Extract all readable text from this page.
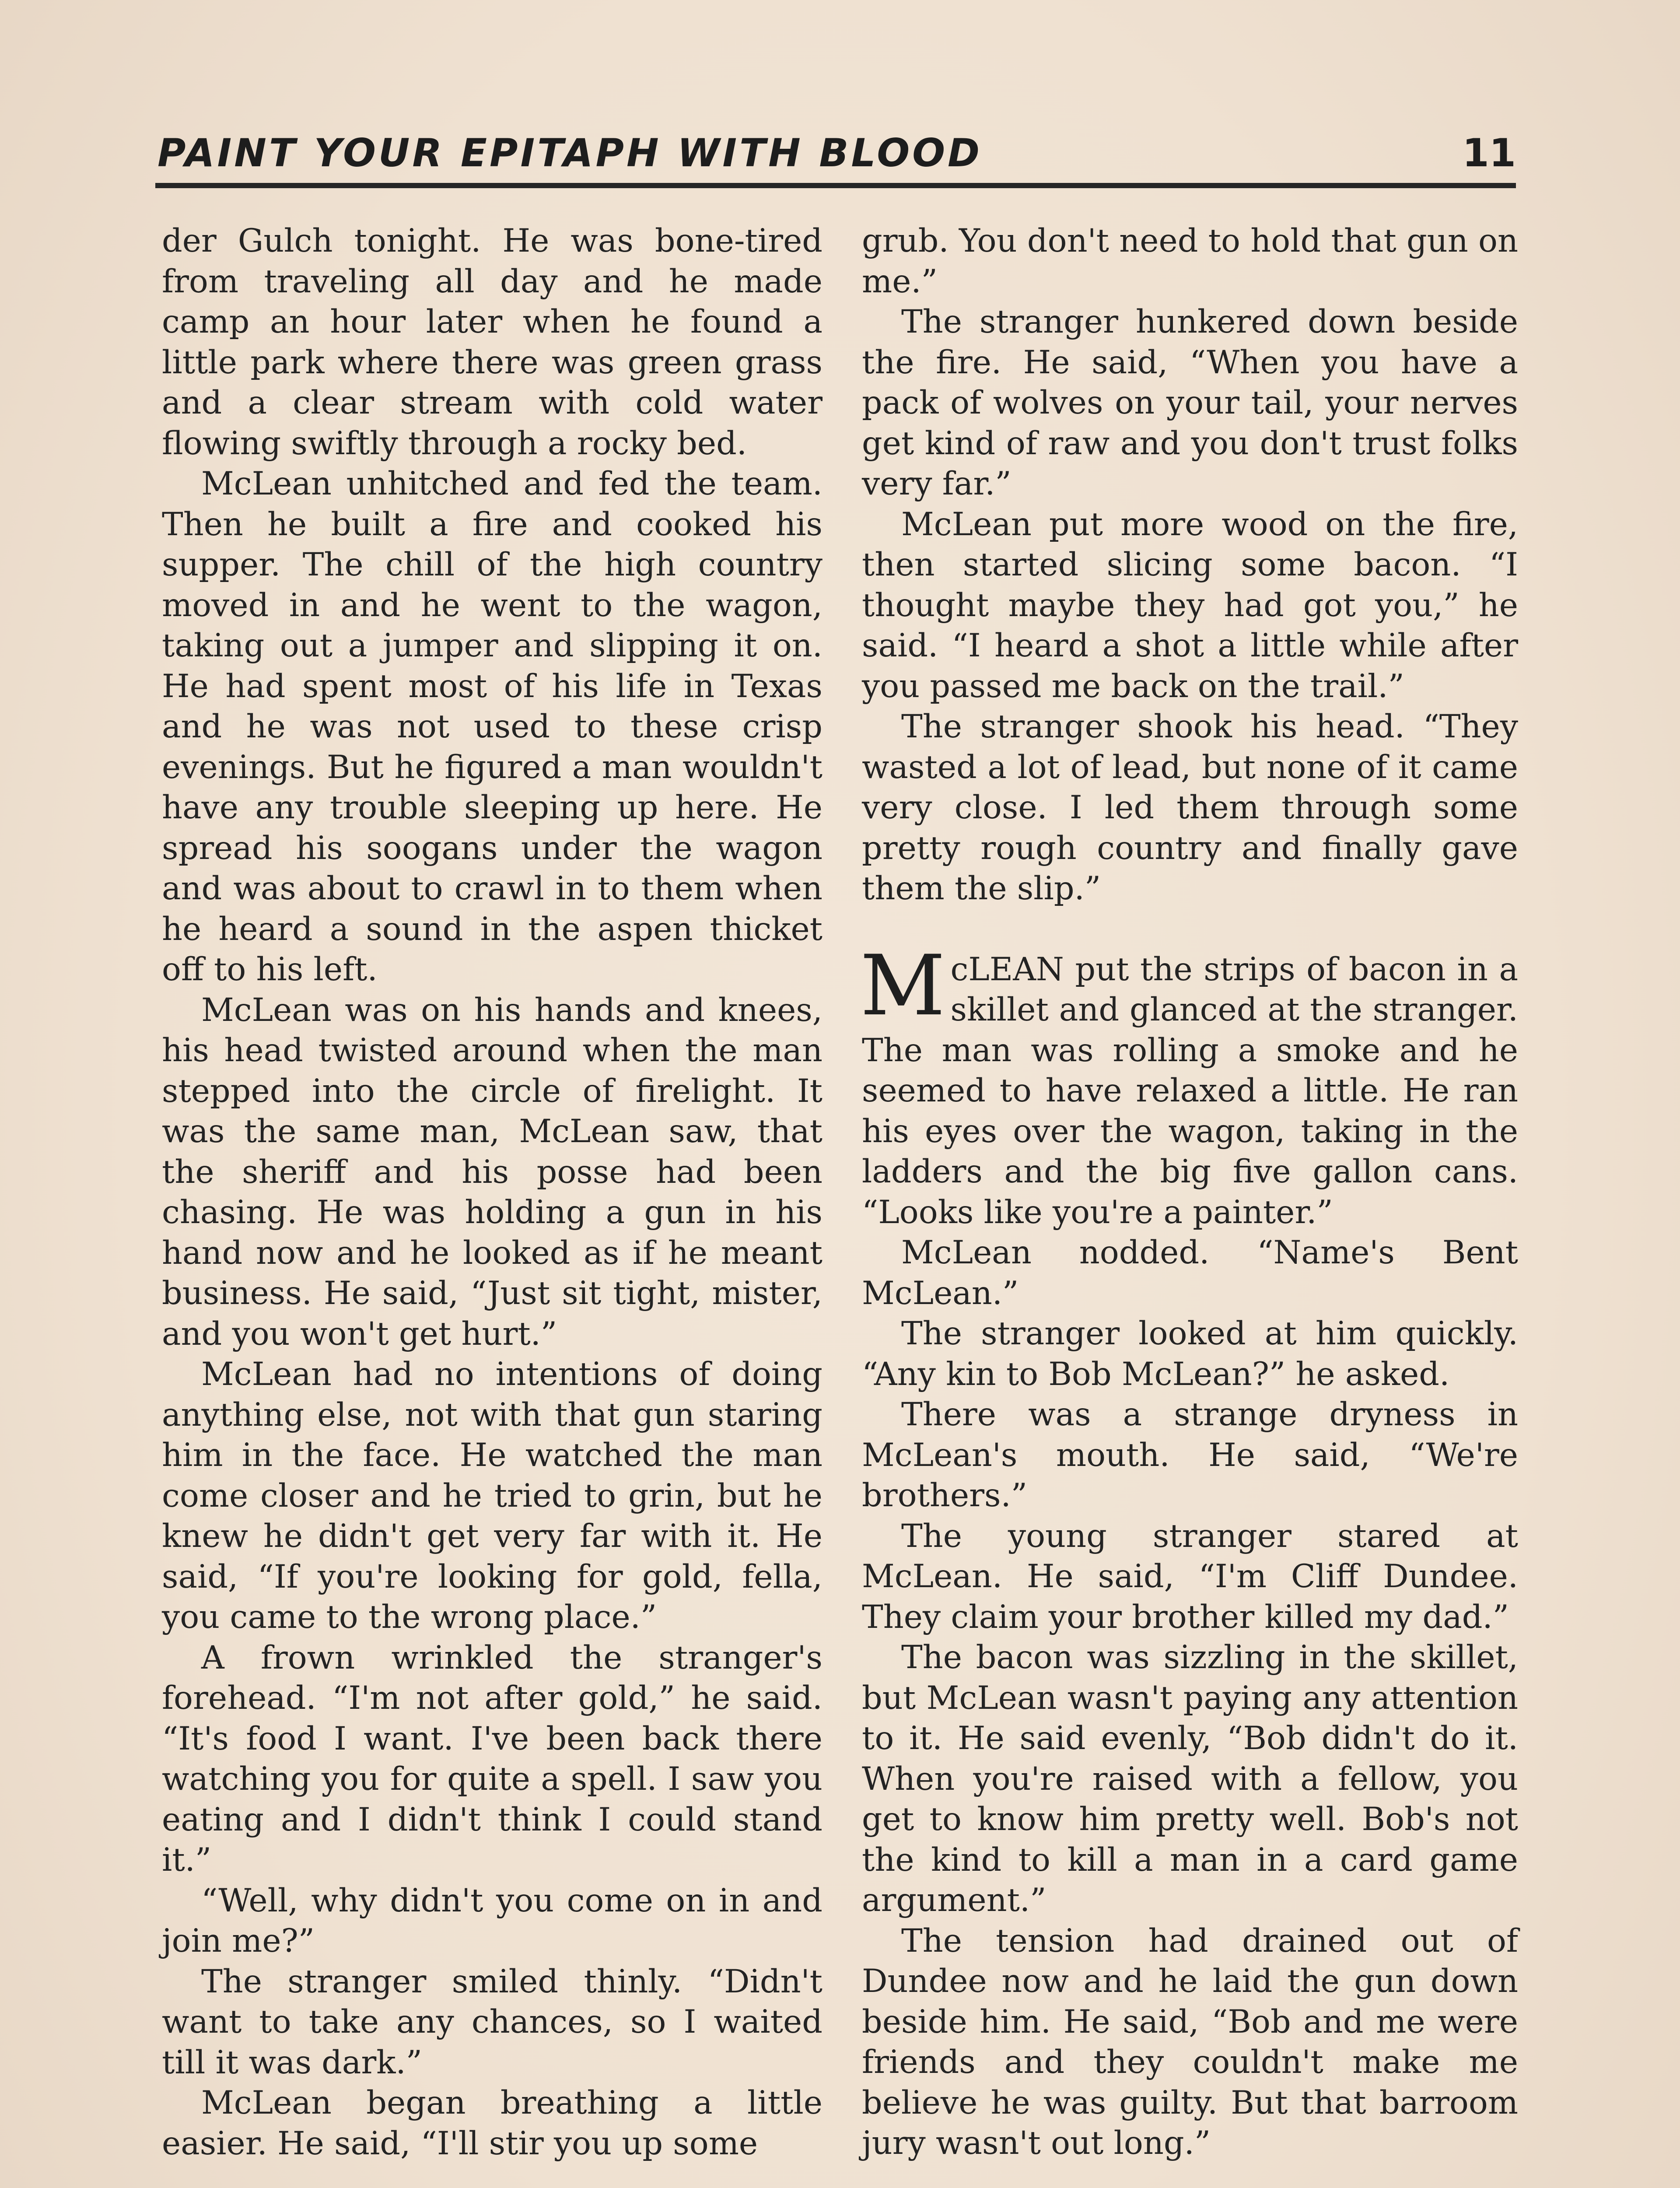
PAINT YOUR EPITAPH WITH BLOOD	11

der Gulch tonight. He was bone-tired from traveling all day and he made camp an hour later when he found a little park where there was green grass and a clear stream with cold water flowing swiftly through a rocky bed.

McLean unhitched and fed the team. Then he built a fire and cooked his supper. The chill of the high country moved in and he went to the wagon, taking out a jumper and slipping it on. He had spent most of his life in Texas and he was not used to these crisp evenings. But he figured a man wouldn't have any trouble sleeping up here. He spread his soogans under the wagon and was about to crawl in to them when he heard a sound in the aspen thicket off to his left.

McLean was on his hands and knees, his head twisted around when the man stepped into the circle of firelight. It was the same man, McLean saw, that the sheriff and his posse had been chasing. He was holding a gun in his hand now and he looked as if he meant business. He said, “Just sit tight, mister, and you won't get hurt.”

McLean had no intentions of doing anything else, not with that gun staring him in the face. He watched the man come closer and he tried to grin, but he knew he didn't get very far with it. He said, “If you're looking for gold, fella, you came to the wrong place.”

A frown wrinkled the stranger's forehead. “I'm not after gold,” he said. “It's food I want. I've been back there watching you for quite a spell. I saw you eating and I didn't think I could stand it.”

“Well, why didn't you come on in and join me?”

The stranger smiled thinly. “Didn't want to take any chances, so I waited till it was dark.”

McLean began breathing a little easier. He said, “I'll stir you up some

grub. You don't need to hold that gun on me.”

The stranger hunkered down beside the fire. He said, “When you have a pack of wolves on your tail, your nerves get kind of raw and you don't trust folks very far.”

McLean put more wood on the fire, then started slicing some bacon. “I thought maybe they had got you,” he said. “I heard a shot a little while after you passed me back on the trail.”

The stranger shook his head. “They wasted a lot of lead, but none of it came very close. I led them through some pretty rough country and finally gave them the slip.”

McLEAN put the strips of bacon in a skillet and glanced at the stranger. The man was rolling a smoke and he seemed to have relaxed a little. He ran his eyes over the wagon, taking in the ladders and the big five gallon cans. “Looks like you're a painter.”

McLean nodded. “Name's Bent McLean.”

The stranger looked at him quickly. “Any kin to Bob McLean?” he asked.

There was a strange dryness in McLean's mouth. He said, “We're brothers.”

The young stranger stared at McLean. He said, “I'm Cliff Dundee. They claim your brother killed my dad.”

The bacon was sizzling in the skillet, but McLean wasn't paying any attention to it. He said evenly, “Bob didn't do it. When you're raised with a fellow, you get to know him pretty well. Bob's not the kind to kill a man in a card game argument.”

The tension had drained out of Dundee now and he laid the gun down beside him. He said, “Bob and me were friends and they couldn't make me believe he was guilty. But that barroom jury wasn't out long.”
